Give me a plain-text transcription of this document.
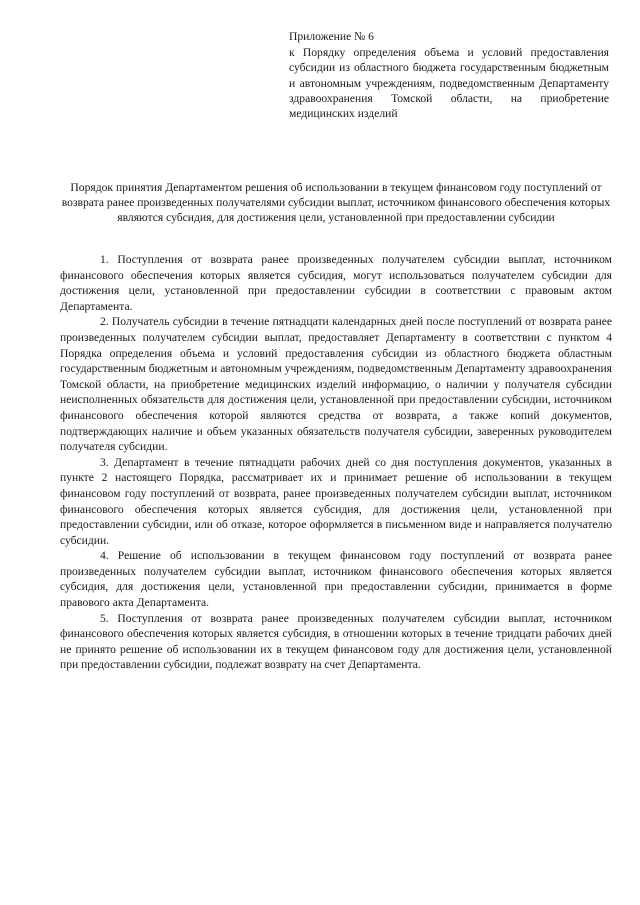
Приложение № 6

к Порядку определения объема и условий предоставления субсидии из областного бюджета государственным бюджетным и автономным учреждениям, подведомственным Департаменту здравоохранения Томской области, на приобретение медицинских изделий

Порядок принятия Департаментом решения об использовании в текущем финансовом году поступлений от возврата ранее произведенных получателями субсидии выплат, источником финансового обеспечения которых являются субсидия, для достижения цели, установленной при предоставлении субсидии

1. Поступления от возврата ранее произведенных получателем субсидии выплат, источником финансового обеспечения которых является субсидия, могут использоваться получателем субсидии для достижения цели, установленной при предоставлении субсидии в соответствии с правовым актом Департамента.

2. Получатель субсидии в течение пятнадцати календарных дней после поступлений от возврата ранее произведенных получателем субсидии выплат, предоставляет Департаменту в соответствии с пунктом 4 Порядка определения объема и условий предоставления субсидии из областного бюджета областным государственным бюджетным и автономным учреждениям, подведомственным Департаменту здравоохранения Томской области, на приобретение медицинских изделий информацию, о наличии у получателя субсидии неисполненных обязательств для достижения цели, установленной при предоставлении субсидии, источником финансового обеспечения которой являются средства от возврата, а также копий документов, подтверждающих наличие и объем указанных обязательств получателя субсидии, заверенных руководителем получателя субсидии.

3. Департамент в течение пятнадцати рабочих дней со дня поступления документов, указанных в пункте 2 настоящего Порядка, рассматривает их и принимает решение об использовании в текущем финансовом году поступлений от возврата, ранее произведенных получателем субсидии выплат, источником финансового обеспечения которых является субсидия, для достижения цели, установленной при предоставлении субсидии, или об отказе, которое оформляется в письменном виде и направляется получателю субсидии.

4. Решение об использовании в текущем финансовом году поступлений от возврата ранее произведенных получателем субсидии выплат, источником финансового обеспечения которых является субсидия, для достижения цели, установленной при предоставлении субсидии, принимается в форме правового акта Департамента.

5. Поступления от возврата ранее произведенных получателем субсидии выплат, источником финансового обеспечения которых является субсидия, в отношении которых в течение тридцати рабочих дней не принято решение об использовании их в текущем финансовом году для достижения цели, установленной при предоставлении субсидии, подлежат возврату на счет Департамента.
